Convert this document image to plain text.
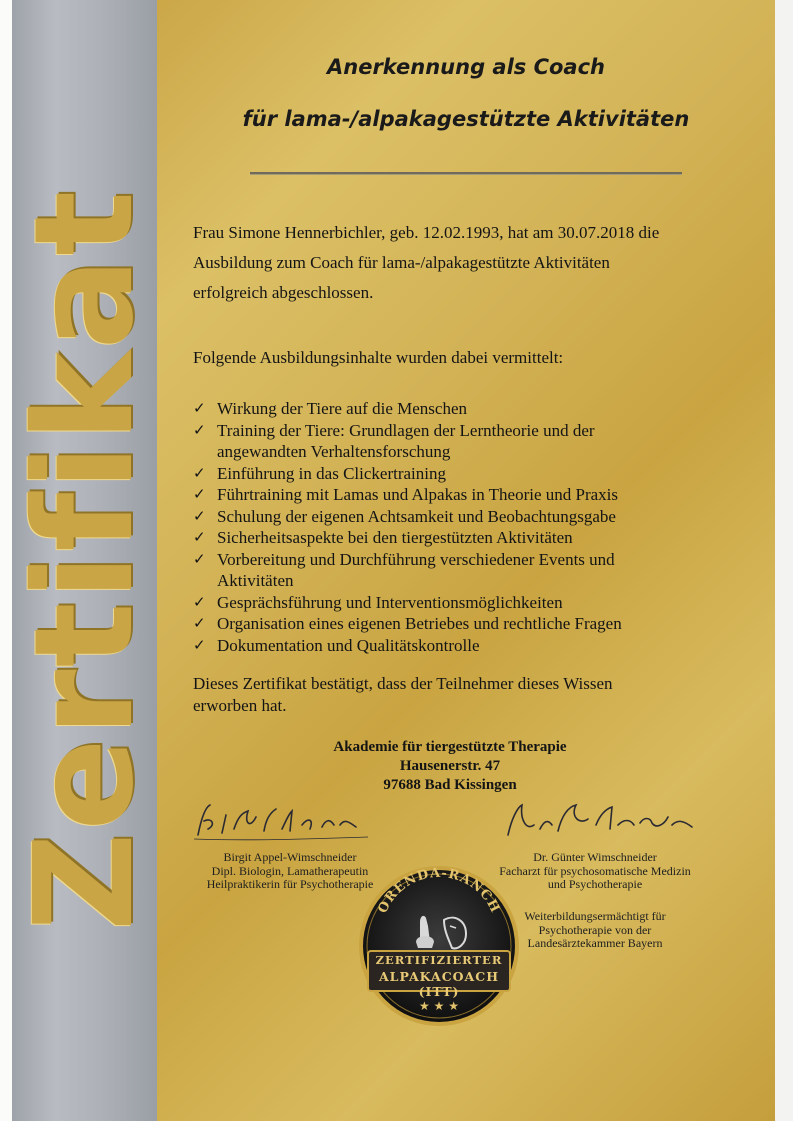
Zertifikat
Anerkennung als Coach
für lama-/alpakagestützte Aktivitäten
Frau Simone Hennerbichler, geb. 12.02.1993, hat am 30.07.2018 die
Ausbildung zum Coach für lama-/alpakagestützte Aktivitäten
erfolgreich abgeschlossen.
Folgende Ausbildungsinhalte wurden dabei vermittelt:
✓ Wirkung der Tiere auf die Menschen
✓ Training der Tiere: Grundlagen der Lerntheorie und der angewandten Verhaltensforschung
✓ Einführung in das Clickertraining
✓ Führtraining mit Lamas und Alpakas in Theorie und Praxis
✓ Schulung der eigenen Achtsamkeit und Beobachtungsgabe
✓ Sicherheitsaspekte bei den tiergestützten Aktivitäten
✓ Vorbereitung und Durchführung verschiedener Events und Aktivitäten
✓ Gesprächsführung und Interventionsmöglichkeiten
✓ Organisation eines eigenen Betriebes und rechtliche Fragen
✓ Dokumentation und Qualitätskontrolle
Dieses Zertifikat bestätigt, dass der Teilnehmer dieses Wissen
erworben hat.
Akademie für tiergestützte Therapie
Hausenerstr. 47
97688 Bad Kissingen
Birgit Appel-Wimschneider
Dipl. Biologin, Lamatherapeutin
Heilpraktikerin für Psychotherapie
Dr. Günter Wimschneider
Facharzt für psychosomatische Medizin
und Psychotherapie
Weiterbildungsermächtigt für
Psychotherapie von der
Landesärztekammer Bayern
ORENDA-RANCH
★ ★ ★
ZERTIFIZIERTER
ALPAKACOACH (ITT)
